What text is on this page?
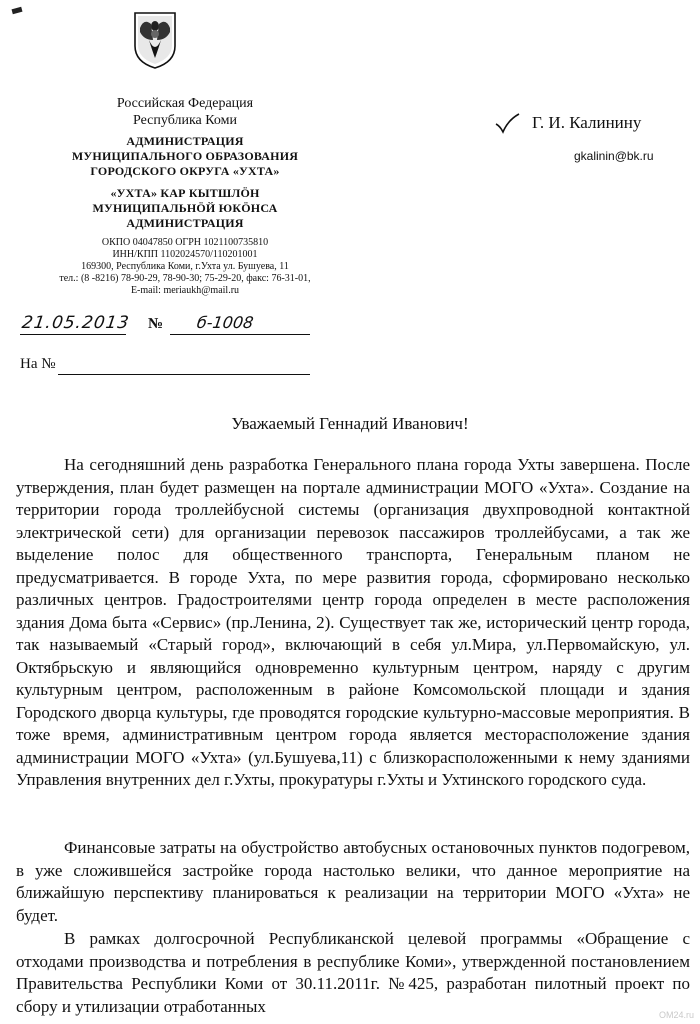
Российская Федерация
Республика Коми
АДМИНИСТРАЦИЯ
МУНИЦИПАЛЬНОГО ОБРАЗОВАНИЯ
ГОРОДСКОГО ОКРУГА «УХТА»
«УХТА» КАР КЫТШЛӦН
МУНИЦИПАЛЬНӦЙ ЮКӦНСА
АДМИНИСТРАЦИЯ
ОКПО 04047850 ОГРН 1021100735810
ИНН/КПП 1102024570/110201001
169300, Республика Коми, г.Ухта ул. Бушуева, 11
тел.: (8 -8216) 78-90-29, 78-90-30; 75-29-20, факс: 76-31-01,
E-mail: meriaukh@mail.ru
Г. И. Калинину
gkalinin@bk.ru
21.05.2013 № б-1008
На №
Уважаемый Геннадий Иванович!

На сегодняшний день разработка Генерального плана города Ухты завершена. После утверждения, план будет размещен на портале администрации МОГО «Ухта». Создание на территории города троллейбусной системы (организация двухпроводной контактной электрической сети) для организации перевозок пассажиров троллейбусами, а так же выделение полос для общественного транспорта, Генеральным планом не предусматривается. В городе Ухта, по мере развития города, сформировано несколько различных центров. Градостроителями центр города определен в месте расположения здания Дома быта «Сервис» (пр.Ленина, 2). Существует так же, исторический центр города, так называемый «Старый город», включающий в себя ул.Мира, ул.Первомайскую, ул. Октябрьскую и являющийся одновременно культурным центром, наряду с другим культурным центром, расположенным в районе Комсомольской площади и здания Городского дворца культуры, где проводятся городские культурно-массовые мероприятия. В тоже время, административным центром города является месторасположение здания администрации МОГО «Ухта» (ул.Бушуева,11) с близкорасположенными к нему зданиями Управления внутренних дел г.Ухты, прокуратуры г.Ухты и Ухтинского городского суда.

Финансовые затраты на обустройство автобусных остановочных пунктов подогревом, в уже сложившейся застройке города настолько велики, что данное мероприятие на ближайшую перспективу планироваться к реализации на территории МОГО «Ухта» не будет.

В рамках долгосрочной Республиканской целевой программы «Обращение с отходами производства и потребления в республике Коми», утвержденной постановлением Правительства Республики Коми от 30.11.2011г. №425, разработан пилотный проект по сбору и утилизации отработанных	ОМ24.ru
